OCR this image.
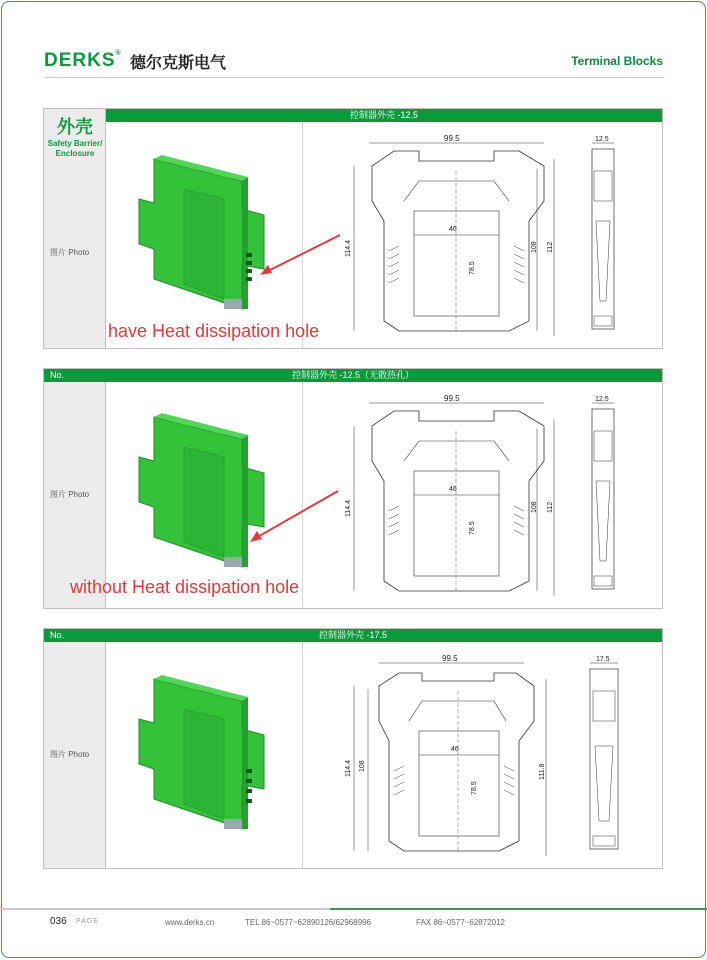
DERKS®
德尔克斯电气	Terminal Blocks
外壳
Safety Barrier/ Enclosure
图片 Photo
控制器外壳 -12.5
have Heat dissipation hole
99.5
46
114.4
78.5
108 112
12.5
图片 Photo
No.	控制器外壳 -12.5（无散热孔）
without Heat dissipation hole
99.5
46
114.4
78.5
108 112
12.5
图片 Photo
No.	控制器外壳 -17.5
99.5
46
114.4 108
78.5
111.8
17.5
036 PAGE	www.derks.cn	TEL 86~0577~62890126/62968996	FAX 86~0577~62872012
